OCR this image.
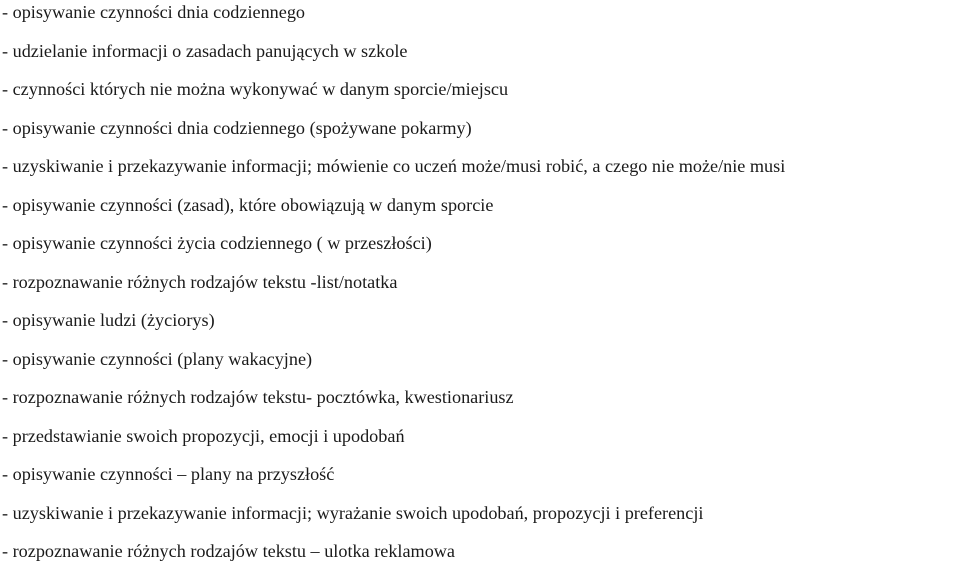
- opisywanie czynności dnia codziennego
- udzielanie informacji o zasadach panujących w szkole
- czynności których nie można wykonywać w danym sporcie/miejscu
- opisywanie czynności dnia codziennego (spożywane pokarmy)
- uzyskiwanie i przekazywanie informacji; mówienie co uczeń może/musi robić, a czego nie może/nie musi
- opisywanie czynności (zasad), które obowiązują w danym sporcie
- opisywanie czynności życia codziennego ( w przeszłości)
- rozpoznawanie różnych rodzajów tekstu -list/notatka
- opisywanie ludzi (życiorys)
- opisywanie czynności (plany wakacyjne)
- rozpoznawanie różnych rodzajów tekstu- pocztówka, kwestionariusz
- przedstawianie swoich propozycji, emocji i upodobań
- opisywanie czynności – plany na przyszłość
- uzyskiwanie i przekazywanie informacji; wyrażanie swoich upodobań, propozycji i preferencji
- rozpoznawanie różnych rodzajów tekstu – ulotka reklamowa
